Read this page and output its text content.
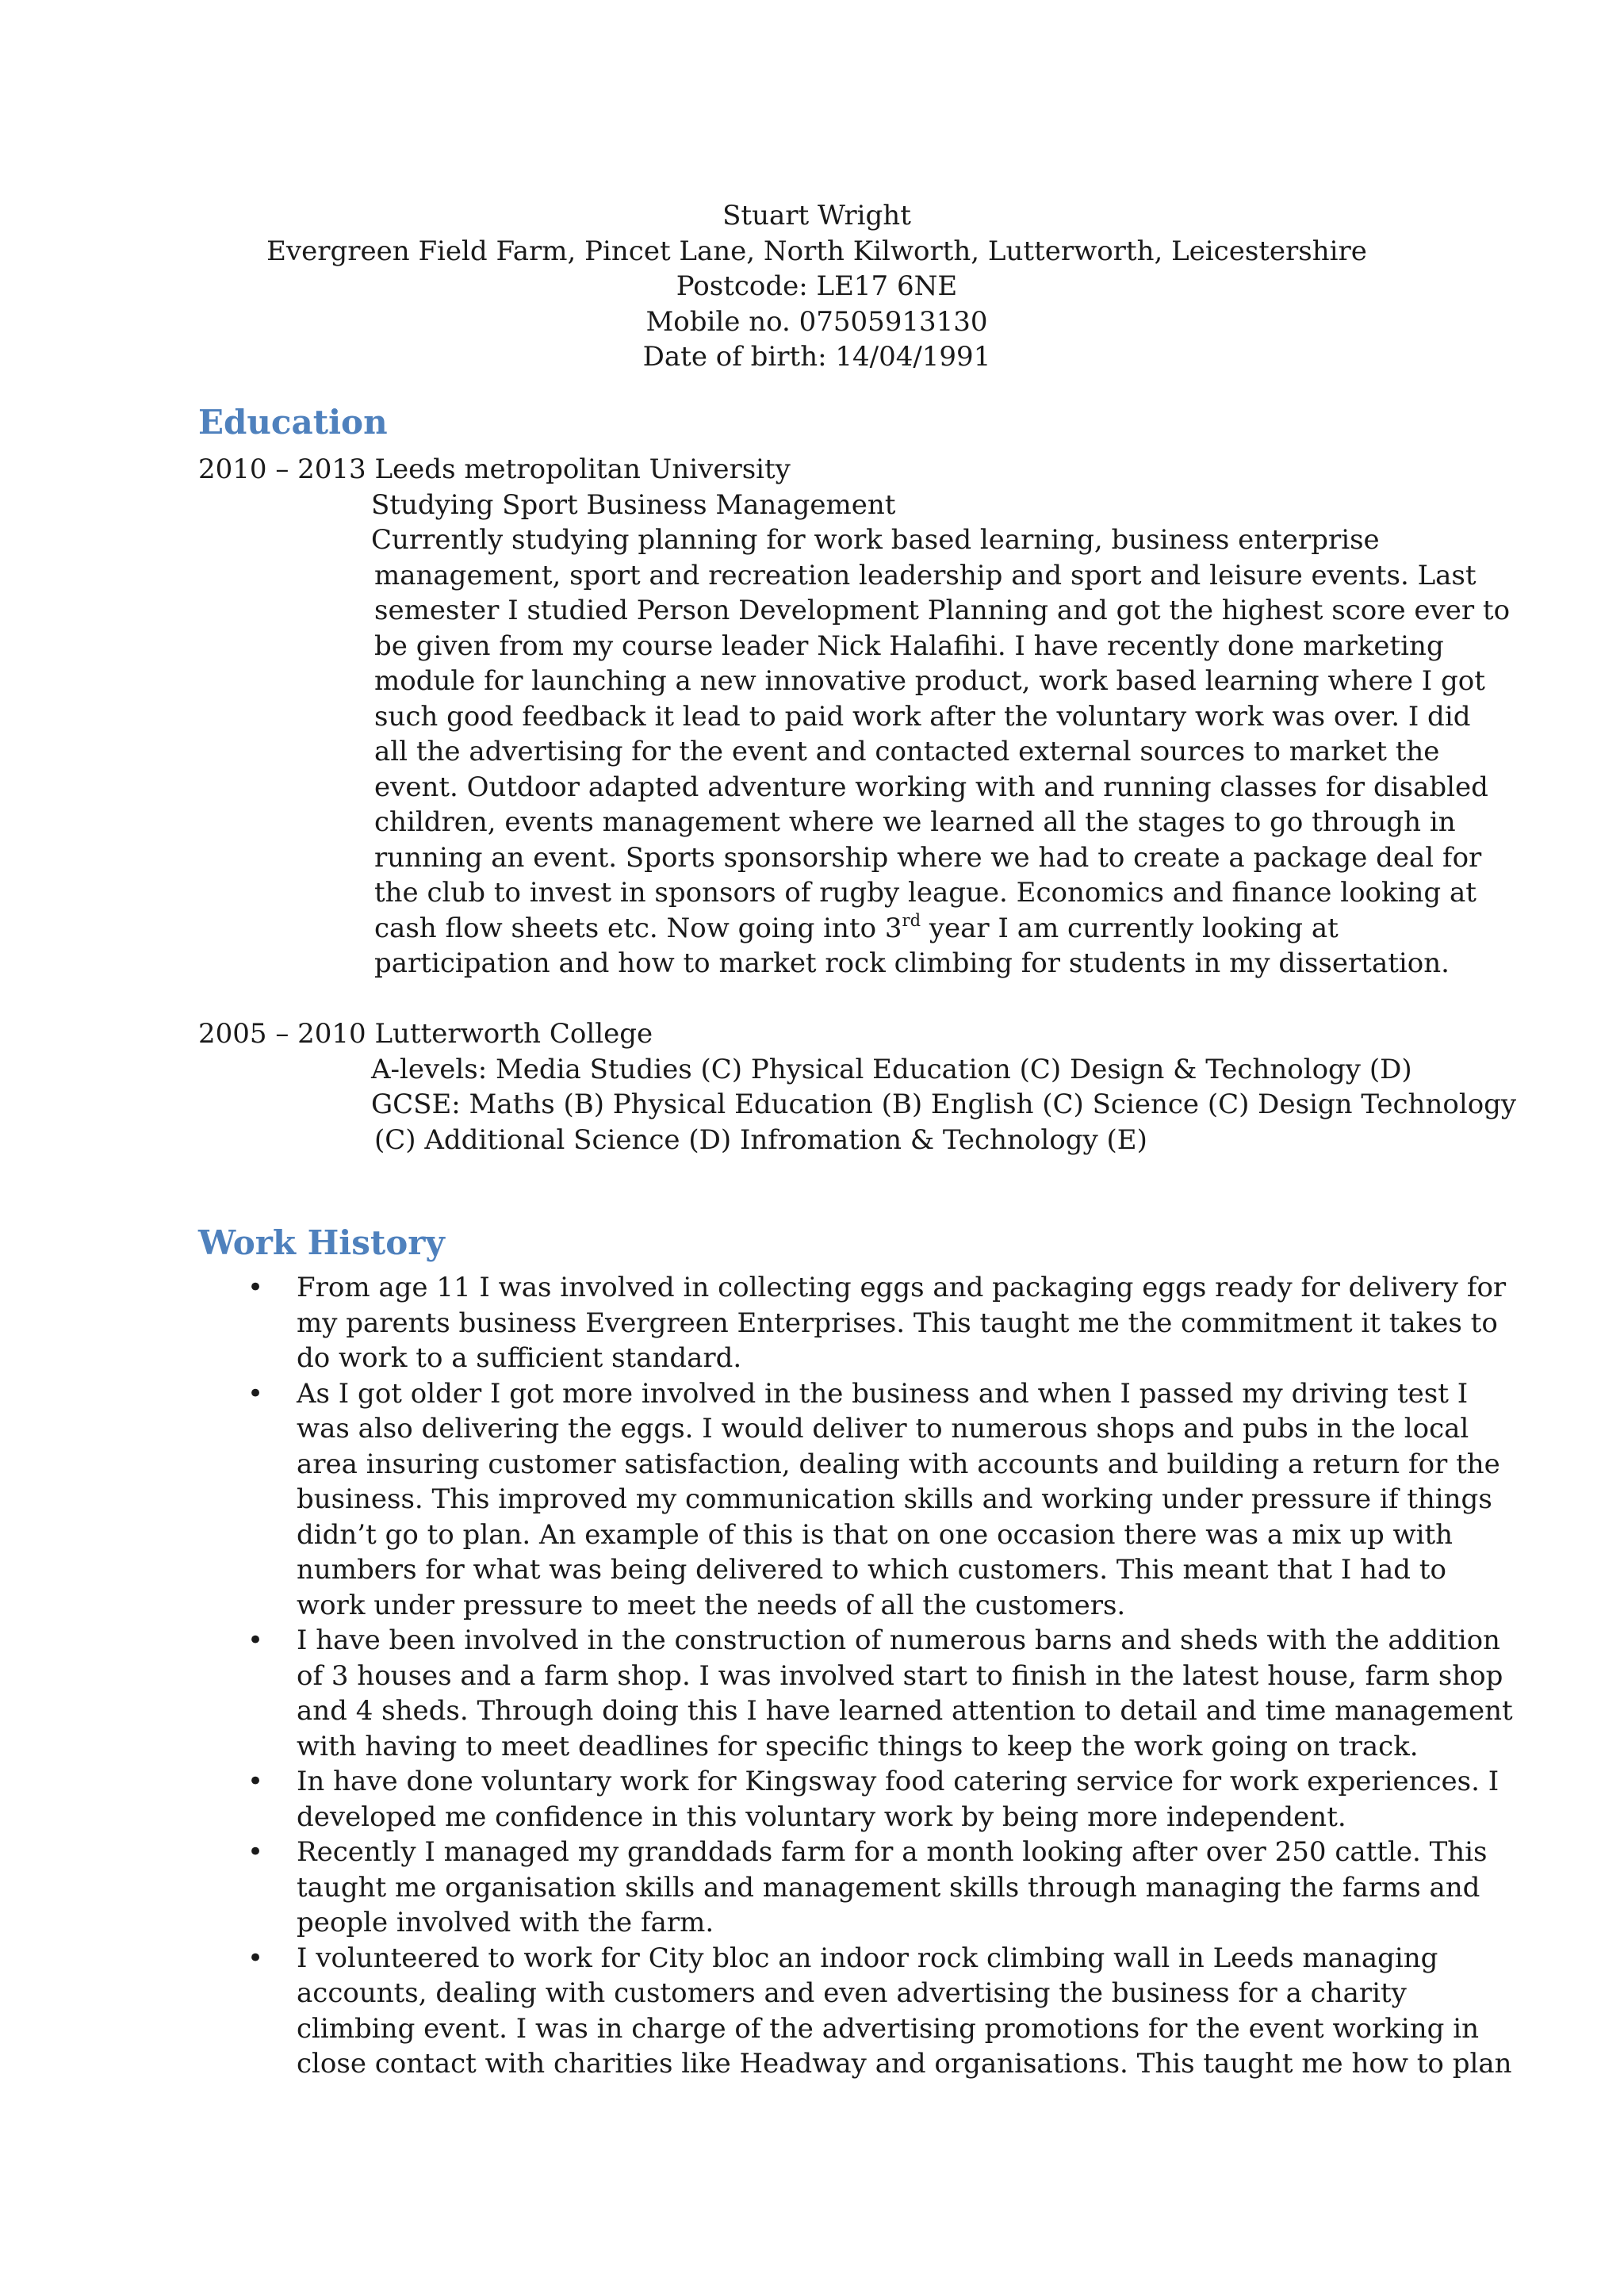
Stuart Wright
Evergreen Field Farm, Pincet Lane, North Kilworth, Lutterworth, Leicestershire
Postcode: LE17 6NE
Mobile no. 07505913130
Date of birth: 14/04/1991
Education
2010 – 2013 Leeds metropolitan University
Studying Sport Business Management
Currently studying planning for work based learning, business enterprise
management, sport and recreation leadership and sport and leisure events. Last
semester I studied Person Development Planning and got the highest score ever to
be given from my course leader Nick Halafihi. I have recently done marketing
module for launching a new innovative product, work based learning where I got
such good feedback it lead to paid work after the voluntary work was over. I did
all the advertising for the event and contacted external sources to market the
event. Outdoor adapted adventure working with and running classes for disabled
children, events management where we learned all the stages to go through in
running an event. Sports sponsorship where we had to create a package deal for
the club to invest in sponsors of rugby league. Economics and finance looking at
cash flow sheets etc. Now going into 3rd year I am currently looking at
participation and how to market rock climbing for students in my dissertation.
2005 – 2010 Lutterworth College
A-levels: Media Studies (C) Physical Education (C) Design & Technology (D)
GCSE: Maths (B) Physical Education (B) English (C) Science (C) Design Technology
(C) Additional Science (D) Infromation & Technology (E)
Work History
• From age 11 I was involved in collecting eggs and packaging eggs ready for delivery for
my parents business Evergreen Enterprises. This taught me the commitment it takes to
do work to a sufficient standard.
• As I got older I got more involved in the business and when I passed my driving test I
was also delivering the eggs. I would deliver to numerous shops and pubs in the local
area insuring customer satisfaction, dealing with accounts and building a return for the
business. This improved my communication skills and working under pressure if things
didn’t go to plan. An example of this is that on one occasion there was a mix up with
numbers for what was being delivered to which customers. This meant that I had to
work under pressure to meet the needs of all the customers.
• I have been involved in the construction of numerous barns and sheds with the addition
of 3 houses and a farm shop. I was involved start to finish in the latest house, farm shop
and 4 sheds. Through doing this I have learned attention to detail and time management
with having to meet deadlines for specific things to keep the work going on track.
• In have done voluntary work for Kingsway food catering service for work experiences. I
developed me confidence in this voluntary work by being more independent.
• Recently I managed my granddads farm for a month looking after over 250 cattle. This
taught me organisation skills and management skills through managing the farms and
people involved with the farm.
• I volunteered to work for City bloc an indoor rock climbing wall in Leeds managing
accounts, dealing with customers and even advertising the business for a charity
climbing event. I was in charge of the advertising promotions for the event working in
close contact with charities like Headway and organisations. This taught me how to plan
